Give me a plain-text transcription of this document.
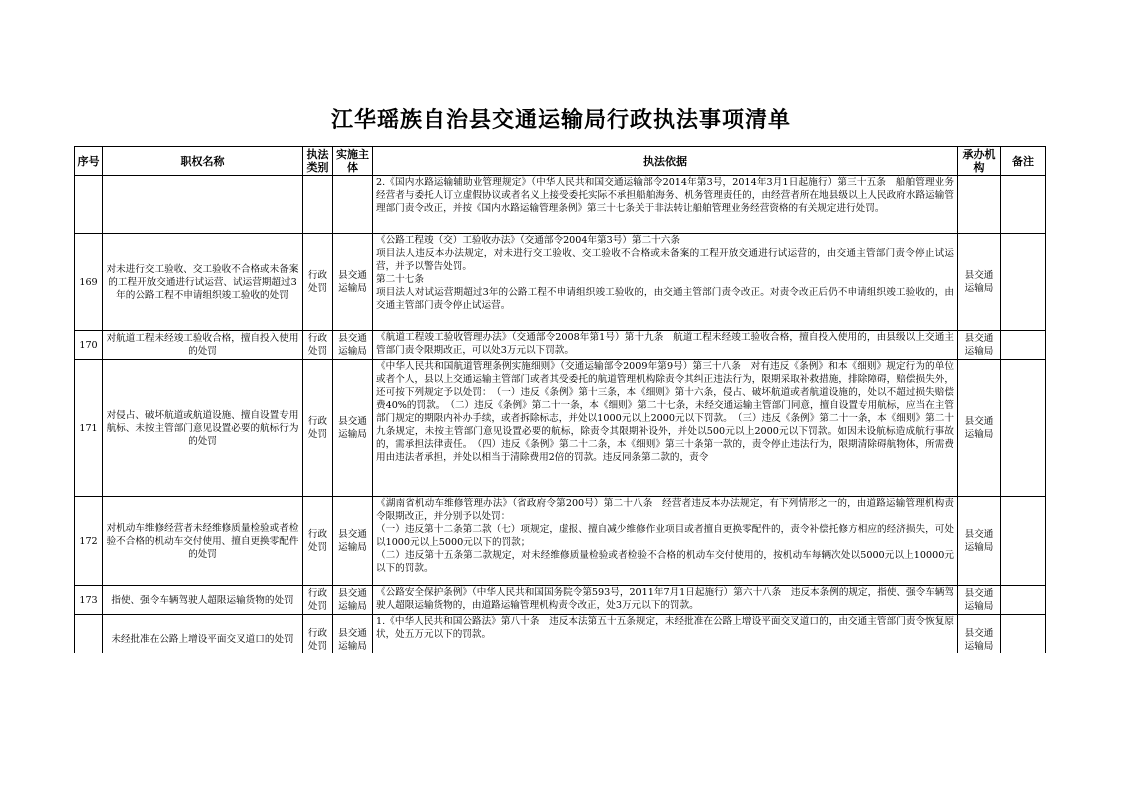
江华瑶族自治县交通运输局行政执法事项清单
序号	职权名称	执法类别	实施主体	执法依据	承办机构	备注

				2.《国内水路运输辅助业管理规定》（中华人民共和国交通运输部令2014年第3号，2014年3月1日起施行）第三十五条　船舶管理业务经营者与委托人订立虚假协议或者名义上接受委托实际不承担船舶海务、机务管理责任的，由经营者所在地县级以上人民政府水路运输管理部门责令改正，并按《国内水路运输管理条例》第三十七条关于非法转让船舶管理业务经营资格的有关规定进行处罚。		

169	对未进行交工验收、交工验收不合格或未备案的工程开放交通进行试运营、试运营期超过3年的公路工程不申请组织竣工验收的处罚	行政处罚	县交通运输局	《公路工程竣（交）工验收办法》（交通部令2004年第3号）第二十六条
项目法人违反本办法规定，对未进行交工验收、交工验收不合格或未备案的工程开放交通进行试运营的，由交通主管部门责令停止试运营，并予以警告处罚。
第二十七条
项目法人对试运营期超过3年的公路工程不申请组织竣工验收的，由交通主管部门责令改正。对责令改正后仍不申请组织竣工验收的，由交通主管部门责令停止试运营。	县交通运输局	
170	对航道工程未经竣工验收合格，擅自投入使用的处罚	行政处罚	县交通运输局	《航道工程竣工验收管理办法》（交通部令2008年第1号）第十九条　航道工程未经竣工验收合格，擅自投入使用的，由县级以上交通主管部门责令限期改正，可以处3万元以下罚款。	县交通运输局	
171	对侵占、破坏航道或航道设施、擅自设置专用航标、未按主管部门意见设置必要的航标行为的处罚	行政处罚	县交通运输局	《中华人民共和国航道管理条例实施细则》（交通运输部令2009年第9号）第三十八条　对有违反《条例》和本《细则》规定行为的单位或者个人，县以上交通运输主管部门或者其受委托的航道管理机构除责令其纠正违法行为，限期采取补救措施，排除障碍，赔偿损失外，还可按下列规定予以处罚：　（一）违反《条例》第十三条，本《细则》第十六条，侵占、破坏航道或者航道设施的，处以不超过损失赔偿费40%的罚款。　（二）违反《条例》第二十一条，本《细则》第二十七条，未经交通运输主管部门同意，擅自设置专用航标，应当在主管部门规定的期限内补办手续，或者拆除标志，并处以1000元以上2000元以下罚款。　（三）违反《条例》第二十一条，本《细则》第二十九条规定，未按主管部门意见设置必要的航标，除责令其限期补设外，并处以500元以上2000元以下罚款。如因未设航标造成航行事故的，需承担法律责任。　（四）违反《条例》第二十二条，本《细则》第三十条第一款的，责令停止违法行为，限期清除碍航物体，所需费用由违法者承担，并处以相当于清除费用2倍的罚款。违反同条第二款的，责令	县交通运输局	
172	对机动车维修经营者未经维修质量检验或者检验不合格的机动车交付使用、擅自更换零配件的处罚	行政处罚	县交通运输局	《湖南省机动车维修管理办法》（省政府令第200号）第二十八条　经营者违反本办法规定，有下列情形之一的，由道路运输管理机构责令限期改正，并分别予以处罚：
（一）违反第十二条第二款（七）项规定，虚报、擅自减少维修作业项目或者擅自更换零配件的，责令补偿托修方相应的经济损失，可处以1000元以上5000元以下的罚款；
（二）违反第十五条第二款规定，对未经维修质量检验或者检验不合格的机动车交付使用的，按机动车每辆次处以5000元以上10000元以下的罚款。	县交通运输局	
173	指使、强令车辆驾驶人超限运输货物的处罚	行政处罚	县交通运输局	《公路安全保护条例》（中华人民共和国国务院令第593号，2011年7月1日起施行）第六十八条　违反本条例的规定，指使、强令车辆驾驶人超限运输货物的，由道路运输管理机构责令改正，处3万元以下的罚款。	县交通运输局	
	未经批准在公路上增设平面交叉道口的处罚	行政处罚	县交通运输局	1.《中华人民共和国公路法》第八十条　违反本法第五十五条规定，未经批准在公路上增设平面交叉道口的，由交通主管部门责令恢复原状，处五万元以下的罚款。	县交通运输局	
